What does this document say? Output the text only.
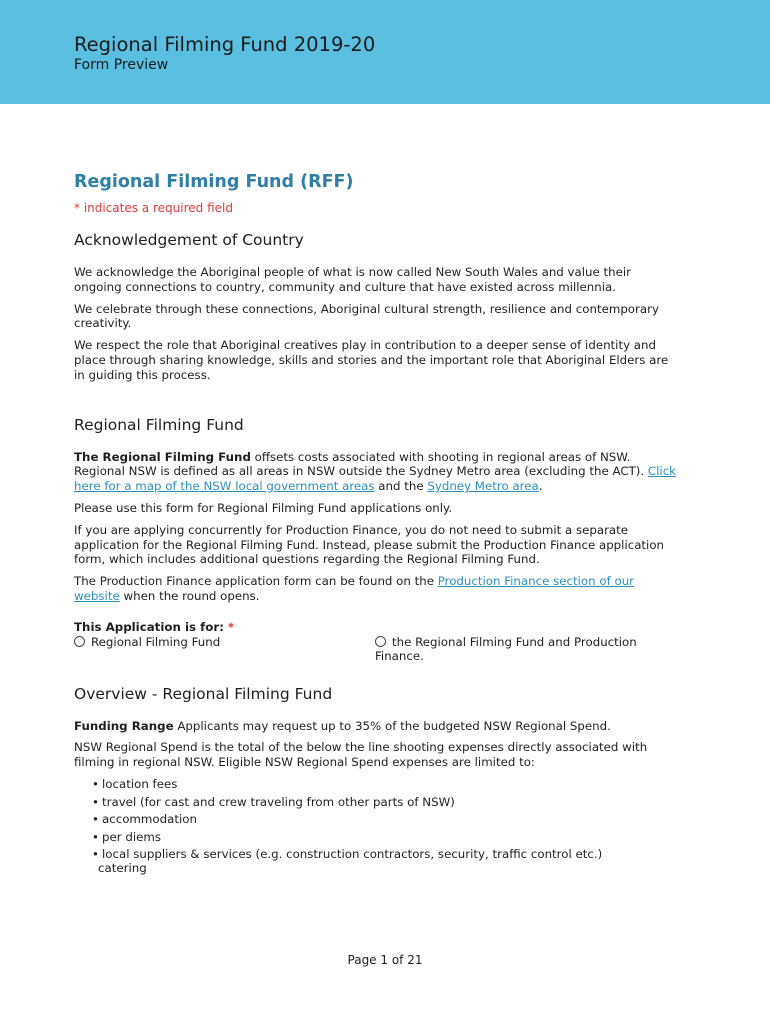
Regional Filming Fund 2019-20
Form Preview
Regional Filming Fund (RFF)
* indicates a required field
Acknowledgement of Country

We acknowledge the Aboriginal people of what is now called New South Wales and value their ongoing connections to country, community and culture that have existed across millennia.

We celebrate through these connections, Aboriginal cultural strength, resilience and contemporary creativity.

We respect the role that Aboriginal creatives play in contribution to a deeper sense of identity and place through sharing knowledge, skills and stories and the important role that Aboriginal Elders are in guiding this process.

Regional Filming Fund

The Regional Filming Fund offsets costs associated with shooting in regional areas of NSW. Regional NSW is defined as all areas in NSW outside the Sydney Metro area (excluding the ACT). Click here for a map of the NSW local government areas and the Sydney Metro area.

Please use this form for Regional Filming Fund applications only.

If you are applying concurrently for Production Finance, you do not need to submit a separate application for the Regional Filming Fund. Instead, please submit the Production Finance application form, which includes additional questions regarding the Regional Filming Fund.

The Production Finance application form can be found on the Production Finance section of our website when the round opens.

This Application is for: *
Regional Filming Fund	the Regional Filming Fund and Production Finance.
Overview - Regional Filming Fund

Funding Range Applicants may request up to 35% of the budgeted NSW Regional Spend.

NSW Regional Spend is the total of the below the line shooting expenses directly associated with filming in regional NSW. Eligible NSW Regional Spend expenses are limited to:

• location fees
• travel (for cast and crew traveling from other parts of NSW)
• accommodation
• per diems
• local suppliers & services (e.g. construction contractors, security, traffic control etc.)
catering
Page 1 of 21
